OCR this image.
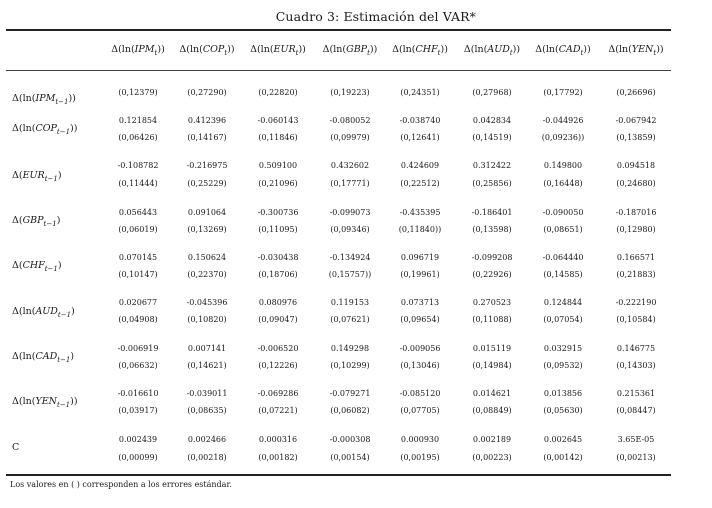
Cuadro 3: Estimación del VAR*
$\Delta(\ln(IPM_t))$ $\Delta(\ln(COP_t))$ $\Delta(\ln(EUR_t))$ $\Delta(\ln(GBP_t))$ $\Delta(\ln(CHF_t))$ $\Delta(\ln(AUD_t))$ $\Delta(\ln(CAD_t))$ $\Delta(\ln(YEN_t))$
$\Delta(\ln(IPM_{t-1}))$
(0,12379)	(0,27290)	(0,22820)	(0,19223)	(0,24351)	(0,27968)	(0,17792)	(0,26696)
$\Delta(\ln(COP_{t-1}))$
0.121854	0.412396	-0.060143	-0.080052	-0.038740	0.042834	-0.044926	-0.067942
(0,06426)	(0,14167)	(0,11846)	(0,09979)	(0,12641)	(0,14519)	(0,09236))	(0,13859)
$\Delta(EUR_{t-1})$
-0.108782	-0.216975	0.509100	0.432602	0.424609	0.312422	0.149800	0.094518
(0,11444)	(0,25229)	(0,21096)	(0,17771)	(0,22512)	(0,25856)	(0,16448)	(0,24680)
$\Delta(GBP_{t-1})$
0.056443	0.091064	-0.300736	-0.099073	-0.435395	-0.186401	-0.090050	-0.187016
(0,06019)	(0,13269)	(0,11095)	(0,09346)	(0,11840))	(0,13598)	(0,08651)	(0,12980)
$\Delta(CHF_{t-1})$
0.070145	0.150624	-0.030438	-0.134924	0.096719	-0.099208	-0.064440	0.166571
(0,10147)	(0,22370)	(0,18706)	(0,15757))	(0,19961)	(0,22926)	(0,14585)	(0,21883)
$\Delta(\ln(AUD_{t-1})$
0.020677	-0.045396	0.080976	0.119153	0.073713	0.270523	0.124844	-0.222190
(0,04908)	(0,10820)	(0,09047)	(0,07621)	(0,09654)	(0,11088)	(0,07054)	(0,10584)
$\Delta(\ln(CAD_{t-1})$
-0.006919	0.007141	-0.006520	0.149298	-0.009056	0.015119	0.032915	0.146775
(0,06632)	(0,14621)	(0,12226)	(0,10299)	(0,13046)	(0,14984)	(0,09532)	(0,14303)
$\Delta(\ln(YEN_{t-1}))$
-0.016610	-0.039011	-0.069286	-0.079271	-0.085120	0.014621	0.013856	0.215361
(0,03917)	(0,08635)	(0,07221)	(0,06082)	(0,07705)	(0,08849)	(0,05630)	(0,08447)
C
0.002439	0.002466	0.000316	-0.000308	0.000930	0.002189	0.002645	3.65E-05
(0,00099)	(0,00218)	(0,00182)	(0,00154)	(0,00195)	(0,00223)	(0,00142)	(0,00213)
Los valores en ( ) corresponden a los errores estándar.
